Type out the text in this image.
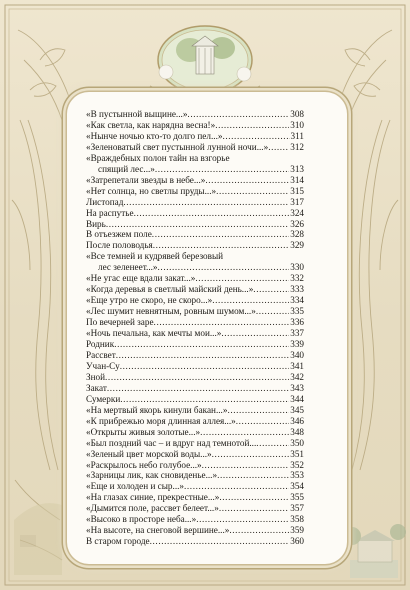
«В пустынной выщине...» .....	308
«Как светла, как нарядна весна!» .....	310
«Нынче ночью кто-то долго пел...» .....	311
«Зеленоватый свет пустынной лунной ночи...» ..... 312
«Враждебных полон тайн на взгорье
спящий лес...» .....	313
«Затрепетали звезды в небе...» .....	314
«Нет солнца, но светлы пруды...» .....	315
Листопад .....	317
На распутье .....	324
Вирь .....	326
В отъезжем поле .....	328
После половодья .....	329
«Все темней и кудрявей березовый
лес зеленеет...» .....	330
«Не угас еще вдали закат...» .....	332
«Когда деревья в светлый майский день...» .....	333
«Еще утро не скоро, не скоро...» .....	334
«Лес шумит невнятным, ровным шумом...» .....	335
По вечерней заре .....	336
«Ночь печальна, как мечты мои...» .....	337
Родник .....	339
Рассвет .....	340
Учан-Су .....	341
Зной .....	342
Закат .....	343
Сумерки .....	344
«На мертвый якорь кинули бакан...» .....	345
«К прибрежью моря длинная аллея...» .....	346
«Открыты живыя золотые...» .....	348
«Был поздний час – и вдруг над темнотой... .....	350
«Зеленый цвет морской воды...» .....	351
«Раскрылось небо голубое...» .....	352
«Зарницы лик, как сновиденье...» .....	353
«Еще и холоден и сыр...» .....	354
«На глазах синие, прекрестные...» .....	355
«Дымится поле, рассвет белеет...» .....	357
«Высоко в просторе неба...» .....	358
«На высоте, на снеговой вершине...» .....	359
В старом городе .....	360
